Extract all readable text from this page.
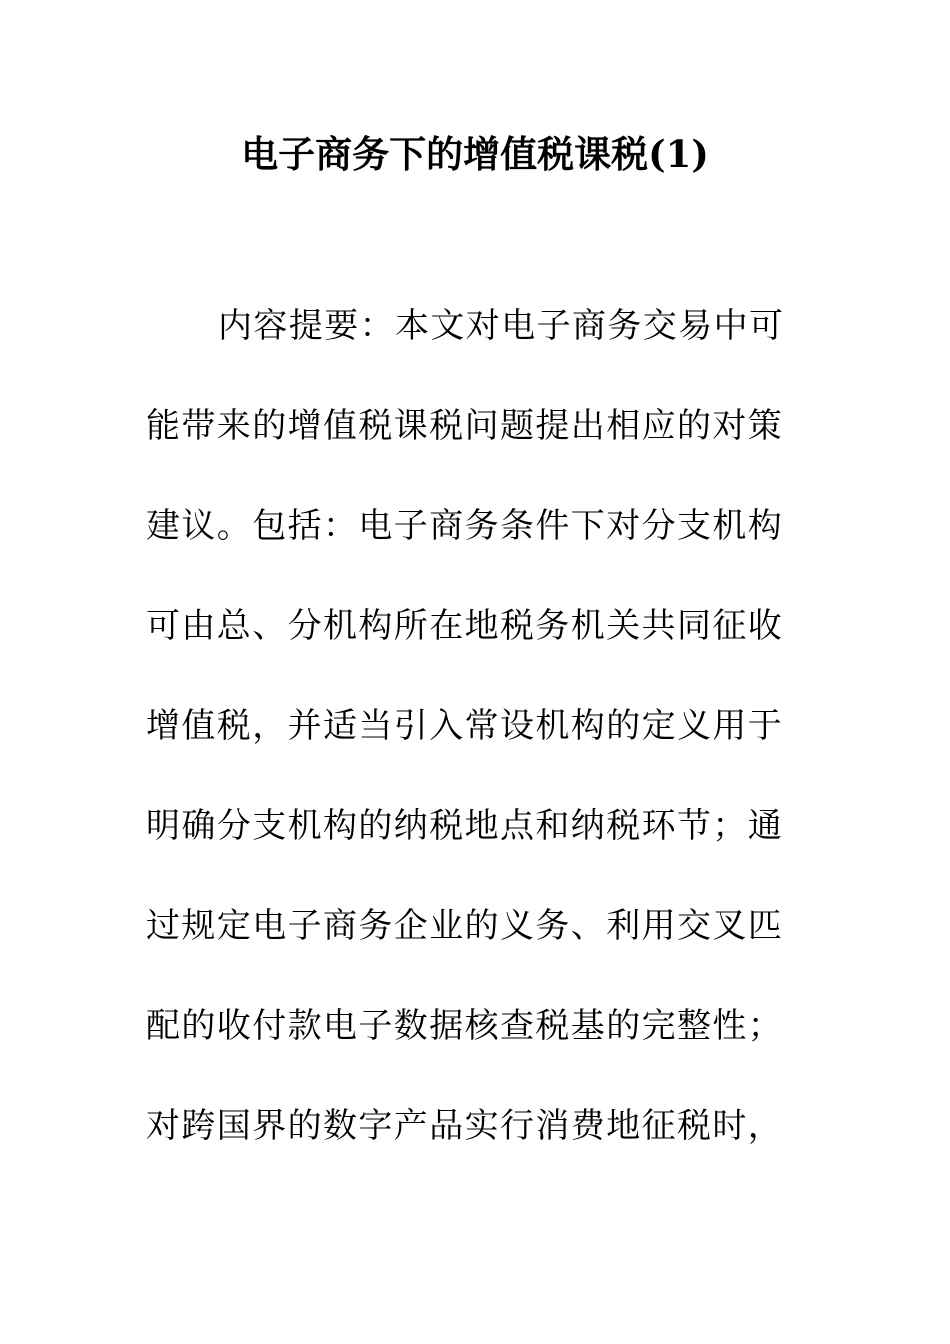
电子商务下的增值税课税(1)
内容提要：本文对电子商务交易中可
能带来的增值税课税问题提出相应的对策
建议。包括：电子商务条件下对分支机构
可由总、分机构所在地税务机关共同征收
增值税，并适当引入常设机构的定义用于
明确分支机构的纳税地点和纳税环节；通
过规定电子商务企业的义务、利用交叉匹
配的收付款电子数据核查税基的完整性；
对跨国界的数字产品实行消费地征税时，
